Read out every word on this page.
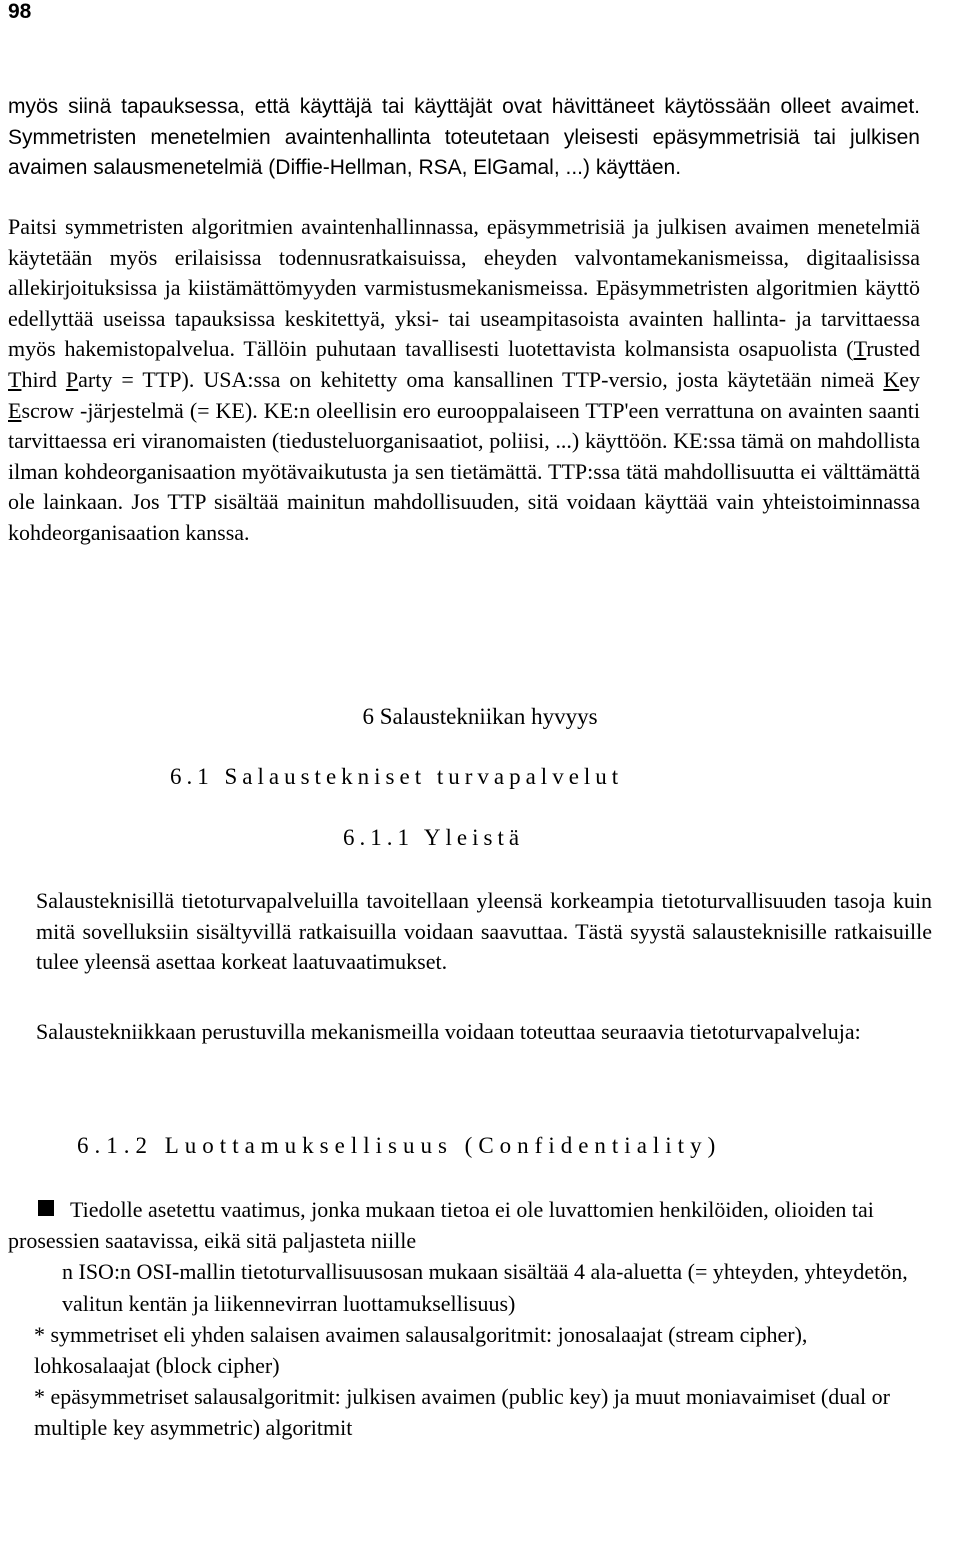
98

myös siinä tapauksessa, että käyttäjä tai käyttäjät ovat hävittäneet käytössään olleet avaimet. Symmetristen menetelmien avaintenhallinta toteutetaan yleisesti epäsymmetrisiä tai julkisen avaimen salausmenetelmiä (Diffie-Hellman, RSA, ElGamal, ...) käyttäen.

Paitsi symmetristen algoritmien avaintenhallinnassa, epäsymmetrisiä ja julkisen avaimen menetelmiä käytetään myös erilaisissa todennusratkaisuissa, eheyden valvontamekanismeissa, digitaalisissa allekirjoituksissa ja kiistämättömyyden varmistusmekanismeissa. Epäsymmetristen algoritmien käyttö edellyttää useissa tapauksissa keskitettyä, yksi- tai useampitasoista avainten hallinta- ja tarvittaessa myös hakemistopalvelua. Tällöin puhutaan tavallisesti luotettavista kolmansista osapuolista (Trusted Third Party = TTP). USA:ssa on kehitetty oma kansallinen TTP-versio, josta käytetään nimeä Key Escrow -järjestelmä (= KE). KE:n oleellisin ero eurooppalaiseen TTP'een verrattuna on avainten saanti tarvittaessa eri viranomaisten (tiedusteluorganisaatiot, poliisi, ...) käyttöön. KE:ssa tämä on mahdollista ilman kohdeorganisaation myötävaikutusta ja sen tietämättä. TTP:ssa tätä mahdollisuutta ei välttämättä ole lainkaan. Jos TTP sisältää mainitun mahdollisuuden, sitä voidaan käyttää vain yhteistoiminnassa kohdeorganisaation kanssa.

6 Salaustekniikan hyvyys
6.1 Salaustekniset turvapalvelut
6.1.1 Yleistä

Salausteknisillä tietoturvapalveluilla tavoitellaan yleensä korkeampia tietoturvallisuuden tasoja kuin mitä sovelluksiin sisältyvillä ratkaisuilla voidaan saavuttaa. Tästä syystä salausteknisille ratkaisuille tulee yleensä asettaa korkeat laatuvaatimukset.

Salaustekniikkaan perustuvilla mekanismeilla voidaan toteuttaa seuraavia tietoturvapalveluja:

6.1.2 Luottamuksellisuus (Confidentiality)
Tiedolle asetettu vaatimus, jonka mukaan tietoa ei ole luvattomien henkilöiden, olioiden tai prosessien saatavissa, eikä sitä paljasteta niille
n ISO:n OSI-mallin tietoturvallisuusosan mukaan sisältää 4 ala-aluetta (= yhteyden, yhteydetön, valitun kentän ja liikennevirran luottamuksellisuus)
* symmetriset eli yhden salaisen avaimen salausalgoritmit: jonosalaajat (stream cipher), lohkosalaajat (block cipher)
* epäsymmetriset salausalgoritmit: julkisen avaimen (public key) ja muut moniavaimiset (dual or multiple key asymmetric) algoritmit
